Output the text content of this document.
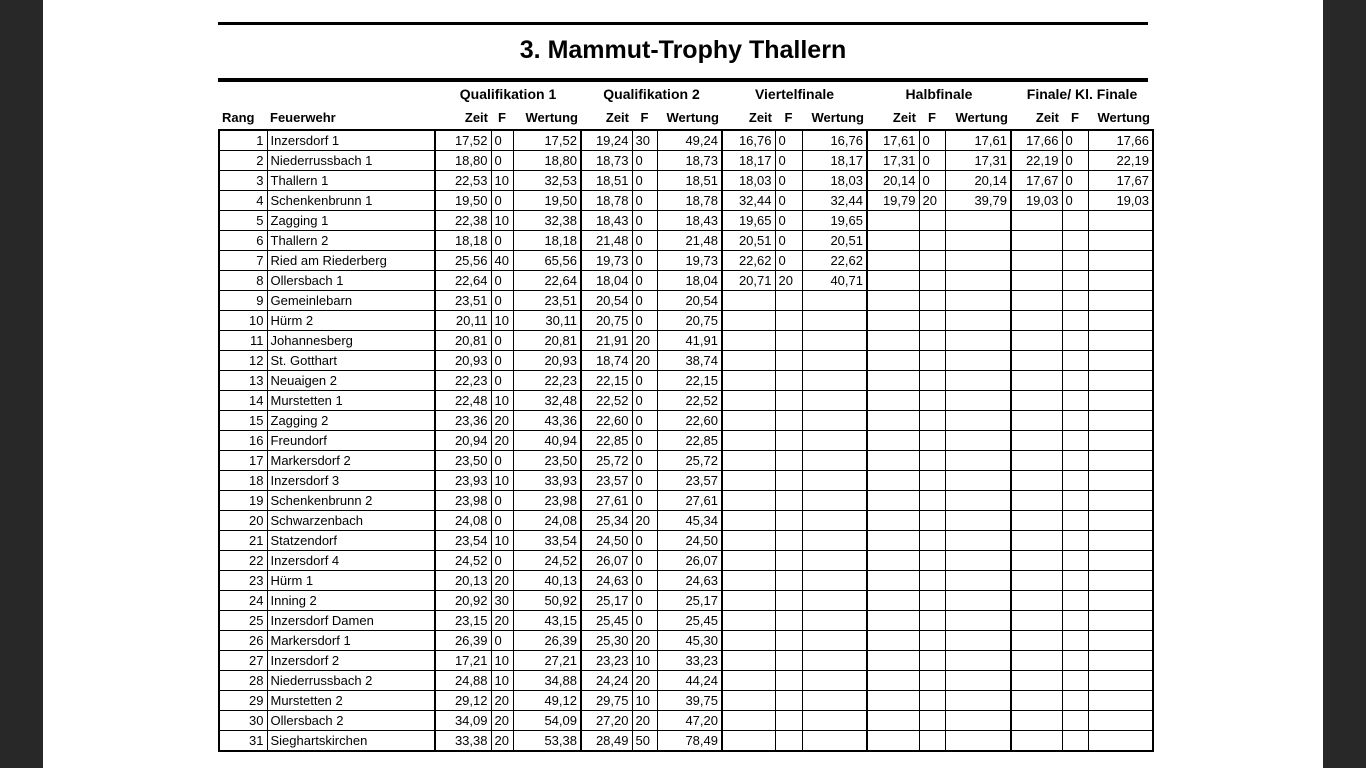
3. Mammut-Trophy Thallern
		Qualifikation 1			Qualifikation 2			Viertelfinale			Halbfinale			Finale/ Kl. Finale		
Rang	Feuerwehr	Zeit	F	Wertung	Zeit	F	Wertung	Zeit	F	Wertung	Zeit	F	Wertung	Zeit	F	Wertung
1	Inzersdorf 1	17,52	0	17,52	19,24	30	49,24	16,76	0	16,76	17,61	0	17,61	17,66	0	17,66
2	Niederrussbach 1	18,80	0	18,80	18,73	0	18,73	18,17	0	18,17	17,31	0	17,31	22,19	0	22,19
3	Thallern 1	22,53	10	32,53	18,51	0	18,51	18,03	0	18,03	20,14	0	20,14	17,67	0	17,67
4	Schenkenbrunn 1	19,50	0	19,50	18,78	0	18,78	32,44	0	32,44	19,79	20	39,79	19,03	0	19,03
5	Zagging 1	22,38	10	32,38	18,43	0	18,43	19,65	0	19,65						
6	Thallern 2	18,18	0	18,18	21,48	0	21,48	20,51	0	20,51						
7	Ried am Riederberg	25,56	40	65,56	19,73	0	19,73	22,62	0	22,62						
8	Ollersbach 1	22,64	0	22,64	18,04	0	18,04	20,71	20	40,71						
9	Gemeinlebarn	23,51	0	23,51	20,54	0	20,54									
10	Hürm 2	20,11	10	30,11	20,75	0	20,75									
11	Johannesberg	20,81	0	20,81	21,91	20	41,91									
12	St. Gotthart	20,93	0	20,93	18,74	20	38,74									
13	Neuaigen 2	22,23	0	22,23	22,15	0	22,15									
14	Murstetten 1	22,48	10	32,48	22,52	0	22,52									
15	Zagging 2	23,36	20	43,36	22,60	0	22,60									
16	Freundorf	20,94	20	40,94	22,85	0	22,85									
17	Markersdorf 2	23,50	0	23,50	25,72	0	25,72									
18	Inzersdorf 3	23,93	10	33,93	23,57	0	23,57									
19	Schenkenbrunn 2	23,98	0	23,98	27,61	0	27,61									
20	Schwarzenbach	24,08	0	24,08	25,34	20	45,34									
21	Statzendorf	23,54	10	33,54	24,50	0	24,50									
22	Inzersdorf 4	24,52	0	24,52	26,07	0	26,07									
23	Hürm 1	20,13	20	40,13	24,63	0	24,63									
24	Inning 2	20,92	30	50,92	25,17	0	25,17									
25	Inzersdorf Damen	23,15	20	43,15	25,45	0	25,45									
26	Markersdorf 1	26,39	0	26,39	25,30	20	45,30									
27	Inzersdorf 2	17,21	10	27,21	23,23	10	33,23									
28	Niederrussbach 2	24,88	10	34,88	24,24	20	44,24									
29	Murstetten 2	29,12	20	49,12	29,75	10	39,75									
30	Ollersbach 2	34,09	20	54,09	27,20	20	47,20									
31	Sieghartskirchen	33,38	20	53,38	28,49	50	78,49									
